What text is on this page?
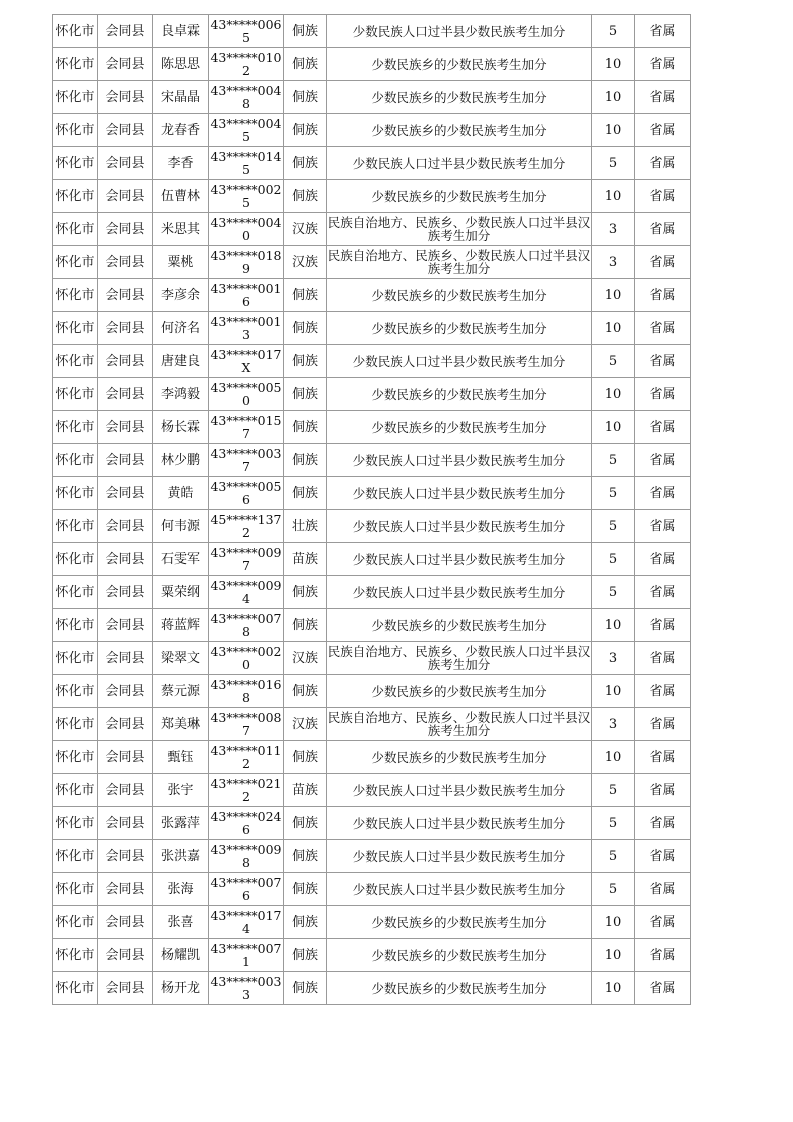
怀化市	会同县	良卓霖	43*****0065	侗族	少数民族人口过半县少数民族考生加分	5	省属
怀化市	会同县	陈思思	43*****0102	侗族	少数民族乡的少数民族考生加分	10	省属
怀化市	会同县	宋晶晶	43*****0048	侗族	少数民族乡的少数民族考生加分	10	省属
怀化市	会同县	龙春香	43*****0045	侗族	少数民族乡的少数民族考生加分	10	省属
怀化市	会同县	李香	43*****0145	侗族	少数民族人口过半县少数民族考生加分	5	省属
怀化市	会同县	伍曹林	43*****0025	侗族	少数民族乡的少数民族考生加分	10	省属
怀化市	会同县	米思其	43*****0040	汉族	民族自治地方、民族乡、少数民族人口过半县汉族考生加分	3	省属
怀化市	会同县	粟桃	43*****0189	汉族	民族自治地方、民族乡、少数民族人口过半县汉族考生加分	3	省属
怀化市	会同县	李彦余	43*****0016	侗族	少数民族乡的少数民族考生加分	10	省属
怀化市	会同县	何济名	43*****0013	侗族	少数民族乡的少数民族考生加分	10	省属
怀化市	会同县	唐建良	43*****017X	侗族	少数民族人口过半县少数民族考生加分	5	省属
怀化市	会同县	李鸿毅	43*****0050	侗族	少数民族乡的少数民族考生加分	10	省属
怀化市	会同县	杨长霖	43*****0157	侗族	少数民族乡的少数民族考生加分	10	省属
怀化市	会同县	林少鹏	43*****0037	侗族	少数民族人口过半县少数民族考生加分	5	省属
怀化市	会同县	黄皓	43*****0056	侗族	少数民族人口过半县少数民族考生加分	5	省属
怀化市	会同县	何韦源	45*****1372	壮族	少数民族人口过半县少数民族考生加分	5	省属
怀化市	会同县	石雯军	43*****0097	苗族	少数民族人口过半县少数民族考生加分	5	省属
怀化市	会同县	粟荣纲	43*****0094	侗族	少数民族人口过半县少数民族考生加分	5	省属
怀化市	会同县	蒋蓝辉	43*****0078	侗族	少数民族乡的少数民族考生加分	10	省属
怀化市	会同县	梁翠文	43*****0020	汉族	民族自治地方、民族乡、少数民族人口过半县汉族考生加分	3	省属
怀化市	会同县	蔡元源	43*****0168	侗族	少数民族乡的少数民族考生加分	10	省属
怀化市	会同县	郑美琳	43*****0087	汉族	民族自治地方、民族乡、少数民族人口过半县汉族考生加分	3	省属
怀化市	会同县	甄钰	43*****0112	侗族	少数民族乡的少数民族考生加分	10	省属
怀化市	会同县	张宇	43*****0212	苗族	少数民族人口过半县少数民族考生加分	5	省属
怀化市	会同县	张露萍	43*****0246	侗族	少数民族人口过半县少数民族考生加分	5	省属
怀化市	会同县	张洪嘉	43*****0098	侗族	少数民族人口过半县少数民族考生加分	5	省属
怀化市	会同县	张海	43*****0076	侗族	少数民族人口过半县少数民族考生加分	5	省属
怀化市	会同县	张喜	43*****0174	侗族	少数民族乡的少数民族考生加分	10	省属
怀化市	会同县	杨耀凯	43*****0071	侗族	少数民族乡的少数民族考生加分	10	省属
怀化市	会同县	杨开龙	43*****0033	侗族	少数民族乡的少数民族考生加分	10	省属
